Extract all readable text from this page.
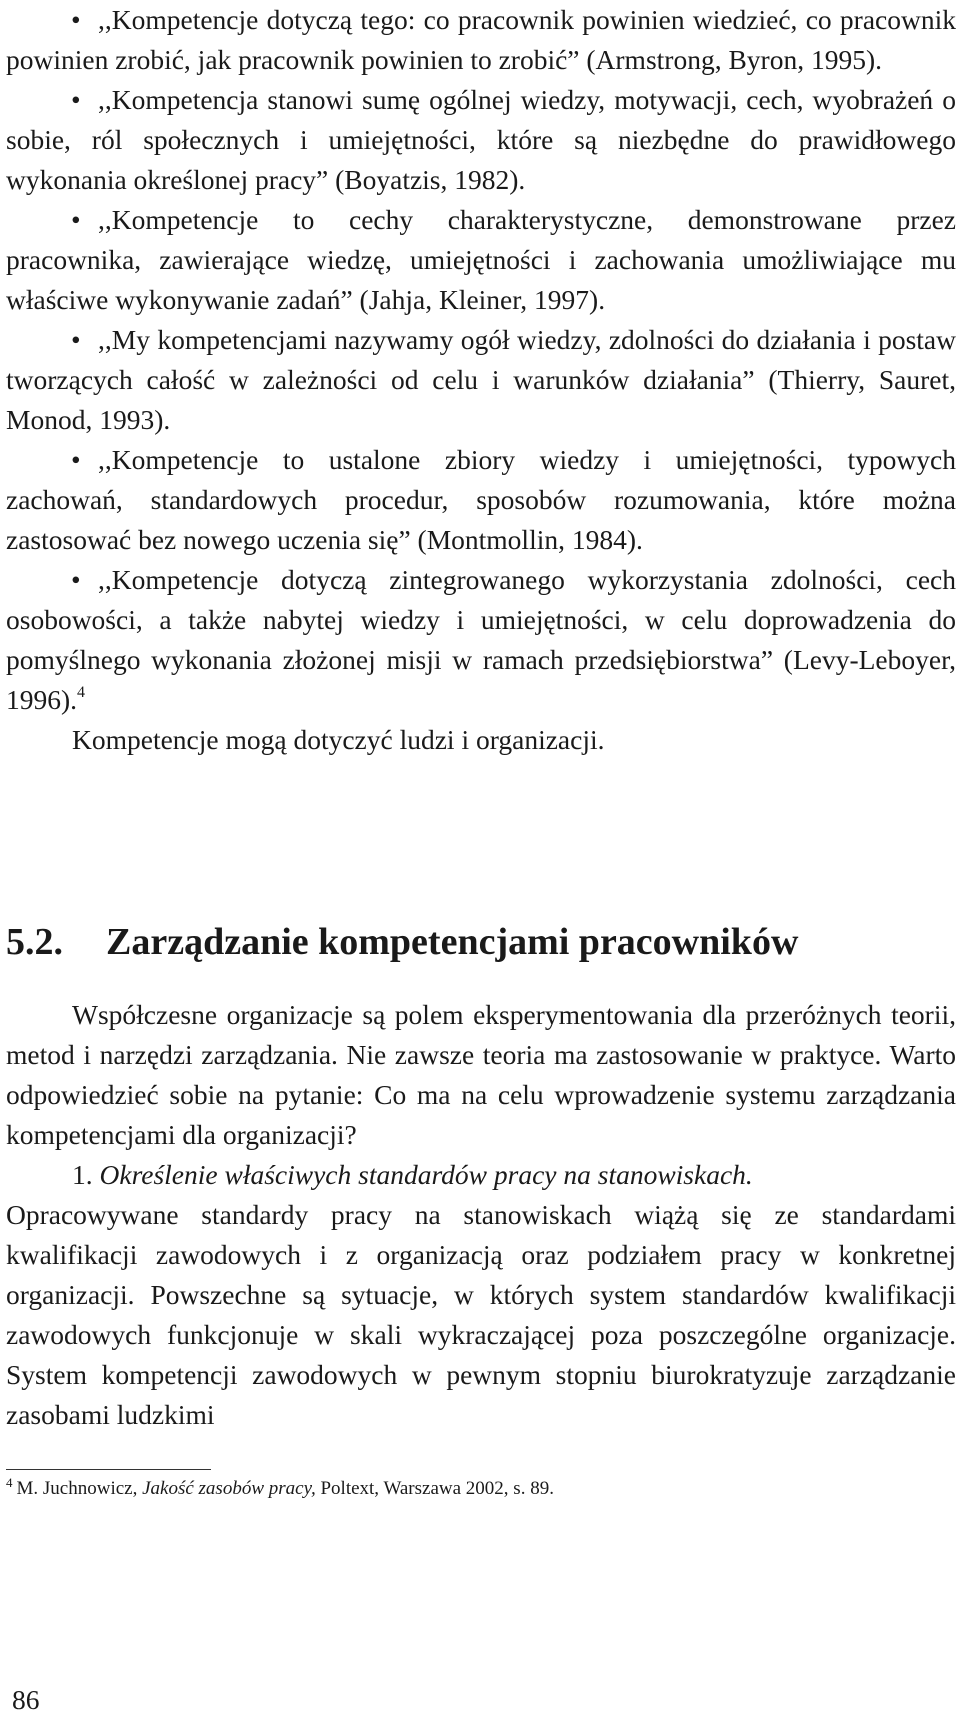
• ,,Kompetencje dotyczą tego: co pracownik powinien wiedzieć, co pracownik powinien zrobić, jak pracownik powinien to zrobić” (Armstrong, Byron, 1995).

• ,,Kompetencja stanowi sumę ogólnej wiedzy, motywacji, cech, wyobrażeń o sobie, ról społecznych i umiejętności, które są niezbędne do prawidłowego wykonania określonej pracy” (Boyatzis, 1982).

• ,,Kompetencje to cechy charakterystyczne, demonstrowane przez pracownika, zawierające wiedzę, umiejętności i zachowania umożliwiające mu właściwe wykonywanie zadań” (Jahja, Kleiner, 1997).

• ,,My kompetencjami nazywamy ogół wiedzy, zdolności do działania i postaw tworzących całość w zależności od celu i warunków działania” (Thierry, Sauret, Monod, 1993).

• ,,Kompetencje to ustalone zbiory wiedzy i umiejętności, typowych zachowań, standardowych procedur, sposobów rozumowania, które można zastosować bez nowego uczenia się” (Montmollin, 1984).

• ,,Kompetencje dotyczą zintegrowanego wykorzystania zdolności, cech osobowości, a także nabytej wiedzy i umiejętności, w celu doprowadzenia do pomyślnego wykonania złożonej misji w ramach przedsiębiorstwa” (Levy-Leboyer, 1996).$^4$

Kompetencje mogą dotyczyć ludzi i organizacji.

5.2. Zarządzanie kompetencjami pracowników

Współczesne organizacje są polem eksperymentowania dla przeróżnych teorii, metod i narzędzi zarządzania. Nie zawsze teoria ma zastosowanie w praktyce. Warto odpowiedzieć sobie na pytanie: Co ma na celu wprowadzenie systemu zarządzania kompetencjami dla organizacji?

1. Określenie właściwych standardów pracy na stanowiskach.

Opracowywane standardy pracy na stanowiskach wiążą się ze standardami kwalifikacji zawodowych i z organizacją oraz podziałem pracy w konkretnej organizacji. Powszechne są sytuacje, w których system standardów kwalifikacji zawodowych funkcjonuje w skali wykraczającej poza poszczególne organizacje. System kompetencji zawodowych w pewnym stopniu biurokratyzuje zarządzanie zasobami ludzkimi

$^4$ M. Juchnowicz, Jakość zasobów pracy, Poltext, Warszawa 2002, s. 89.
86
